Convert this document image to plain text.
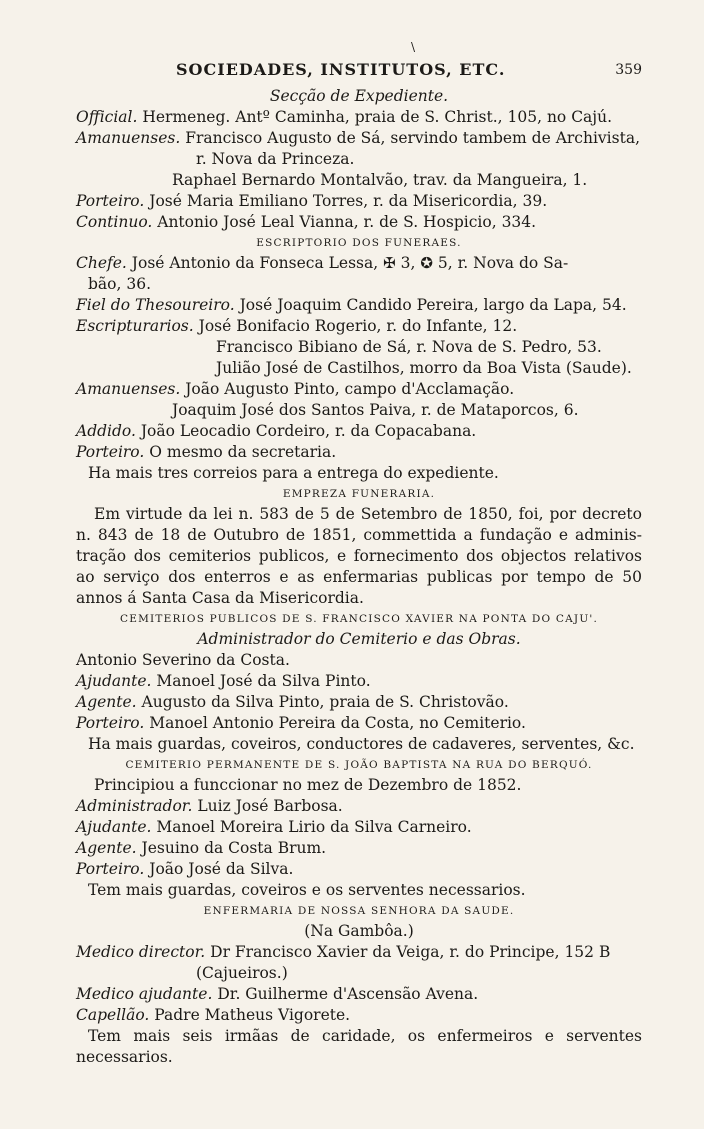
\
SOCIEDADES, INSTITUTOS, ETC.	359
Secção de Expediente.
Official. Hermeneg. Antº Caminha, praia de S. Christ., 105, no Cajú.
Amanuenses. Francisco Augusto de Sá, servindo tambem de Archivista,
r. Nova da Princeza.
Raphael Bernardo Montalvão, trav. da Mangueira, 1.
Porteiro. José Maria Emiliano Torres, r. da Misericordia, 39.
Continuo. Antonio José Leal Vianna, r. de S. Hospicio, 334.
ESCRIPTORIO DOS FUNERAES.
Chefe. José Antonio da Fonseca Lessa, ✠ 3, ✪ 5, r. Nova do Sa-
bão, 36.
Fiel do Thesoureiro. José Joaquim Candido Pereira, largo da Lapa, 54.
Escripturarios. José Bonifacio Rogerio, r. do Infante, 12.
Francisco Bibiano de Sá, r. Nova de S. Pedro, 53.
Julião José de Castilhos, morro da Boa Vista (Saude).
Amanuenses. João Augusto Pinto, campo d'Acclamação.
Joaquim José dos Santos Paiva, r. de Mataporcos, 6.
Addido. João Leocadio Cordeiro, r. da Copacabana.
Porteiro. O mesmo da secretaria.
Ha mais tres correios para a entrega do expediente.
EMPREZA FUNERARIA.
Em virtude da lei n. 583 de 5 de Setembro de 1850, foi, por decreto
n. 843 de 18 de Outubro de 1851, commettida a fundação e adminis-
tração dos cemiterios publicos, e fornecimento dos objectos relativos
ao serviço dos enterros e as enfermarias publicas por tempo de 50
annos á Santa Casa da Misericordia.
CEMITERIOS PUBLICOS DE S. FRANCISCO XAVIER NA PONTA DO CAJU'.
Administrador do Cemiterio e das Obras.
Antonio Severino da Costa.
Ajudante. Manoel José da Silva Pinto.
Agente. Augusto da Silva Pinto, praia de S. Christovão.
Porteiro. Manoel Antonio Pereira da Costa, no Cemiterio.
Ha mais guardas, coveiros, conductores de cadaveres, serventes, &c.
CEMITERIO PERMANENTE DE S. JOÃO BAPTISTA NA RUA DO BERQUÓ.
Principiou a funccionar no mez de Dezembro de 1852.
Administrador. Luiz José Barbosa.
Ajudante. Manoel Moreira Lirio da Silva Carneiro.
Agente. Jesuino da Costa Brum.
Porteiro. João José da Silva.
Tem mais guardas, coveiros e os serventes necessarios.
ENFERMARIA DE NOSSA SENHORA DA SAUDE.
(Na Gambôa.)
Medico director. Dr Francisco Xavier da Veiga, r. do Principe, 152 B
(Cajueiros.)
Medico ajudante. Dr. Guilherme d'Ascensão Avena.
Capellão. Padre Matheus Vigorete.
Tem mais seis irmãas de caridade, os enfermeiros e serventes
necessarios.
